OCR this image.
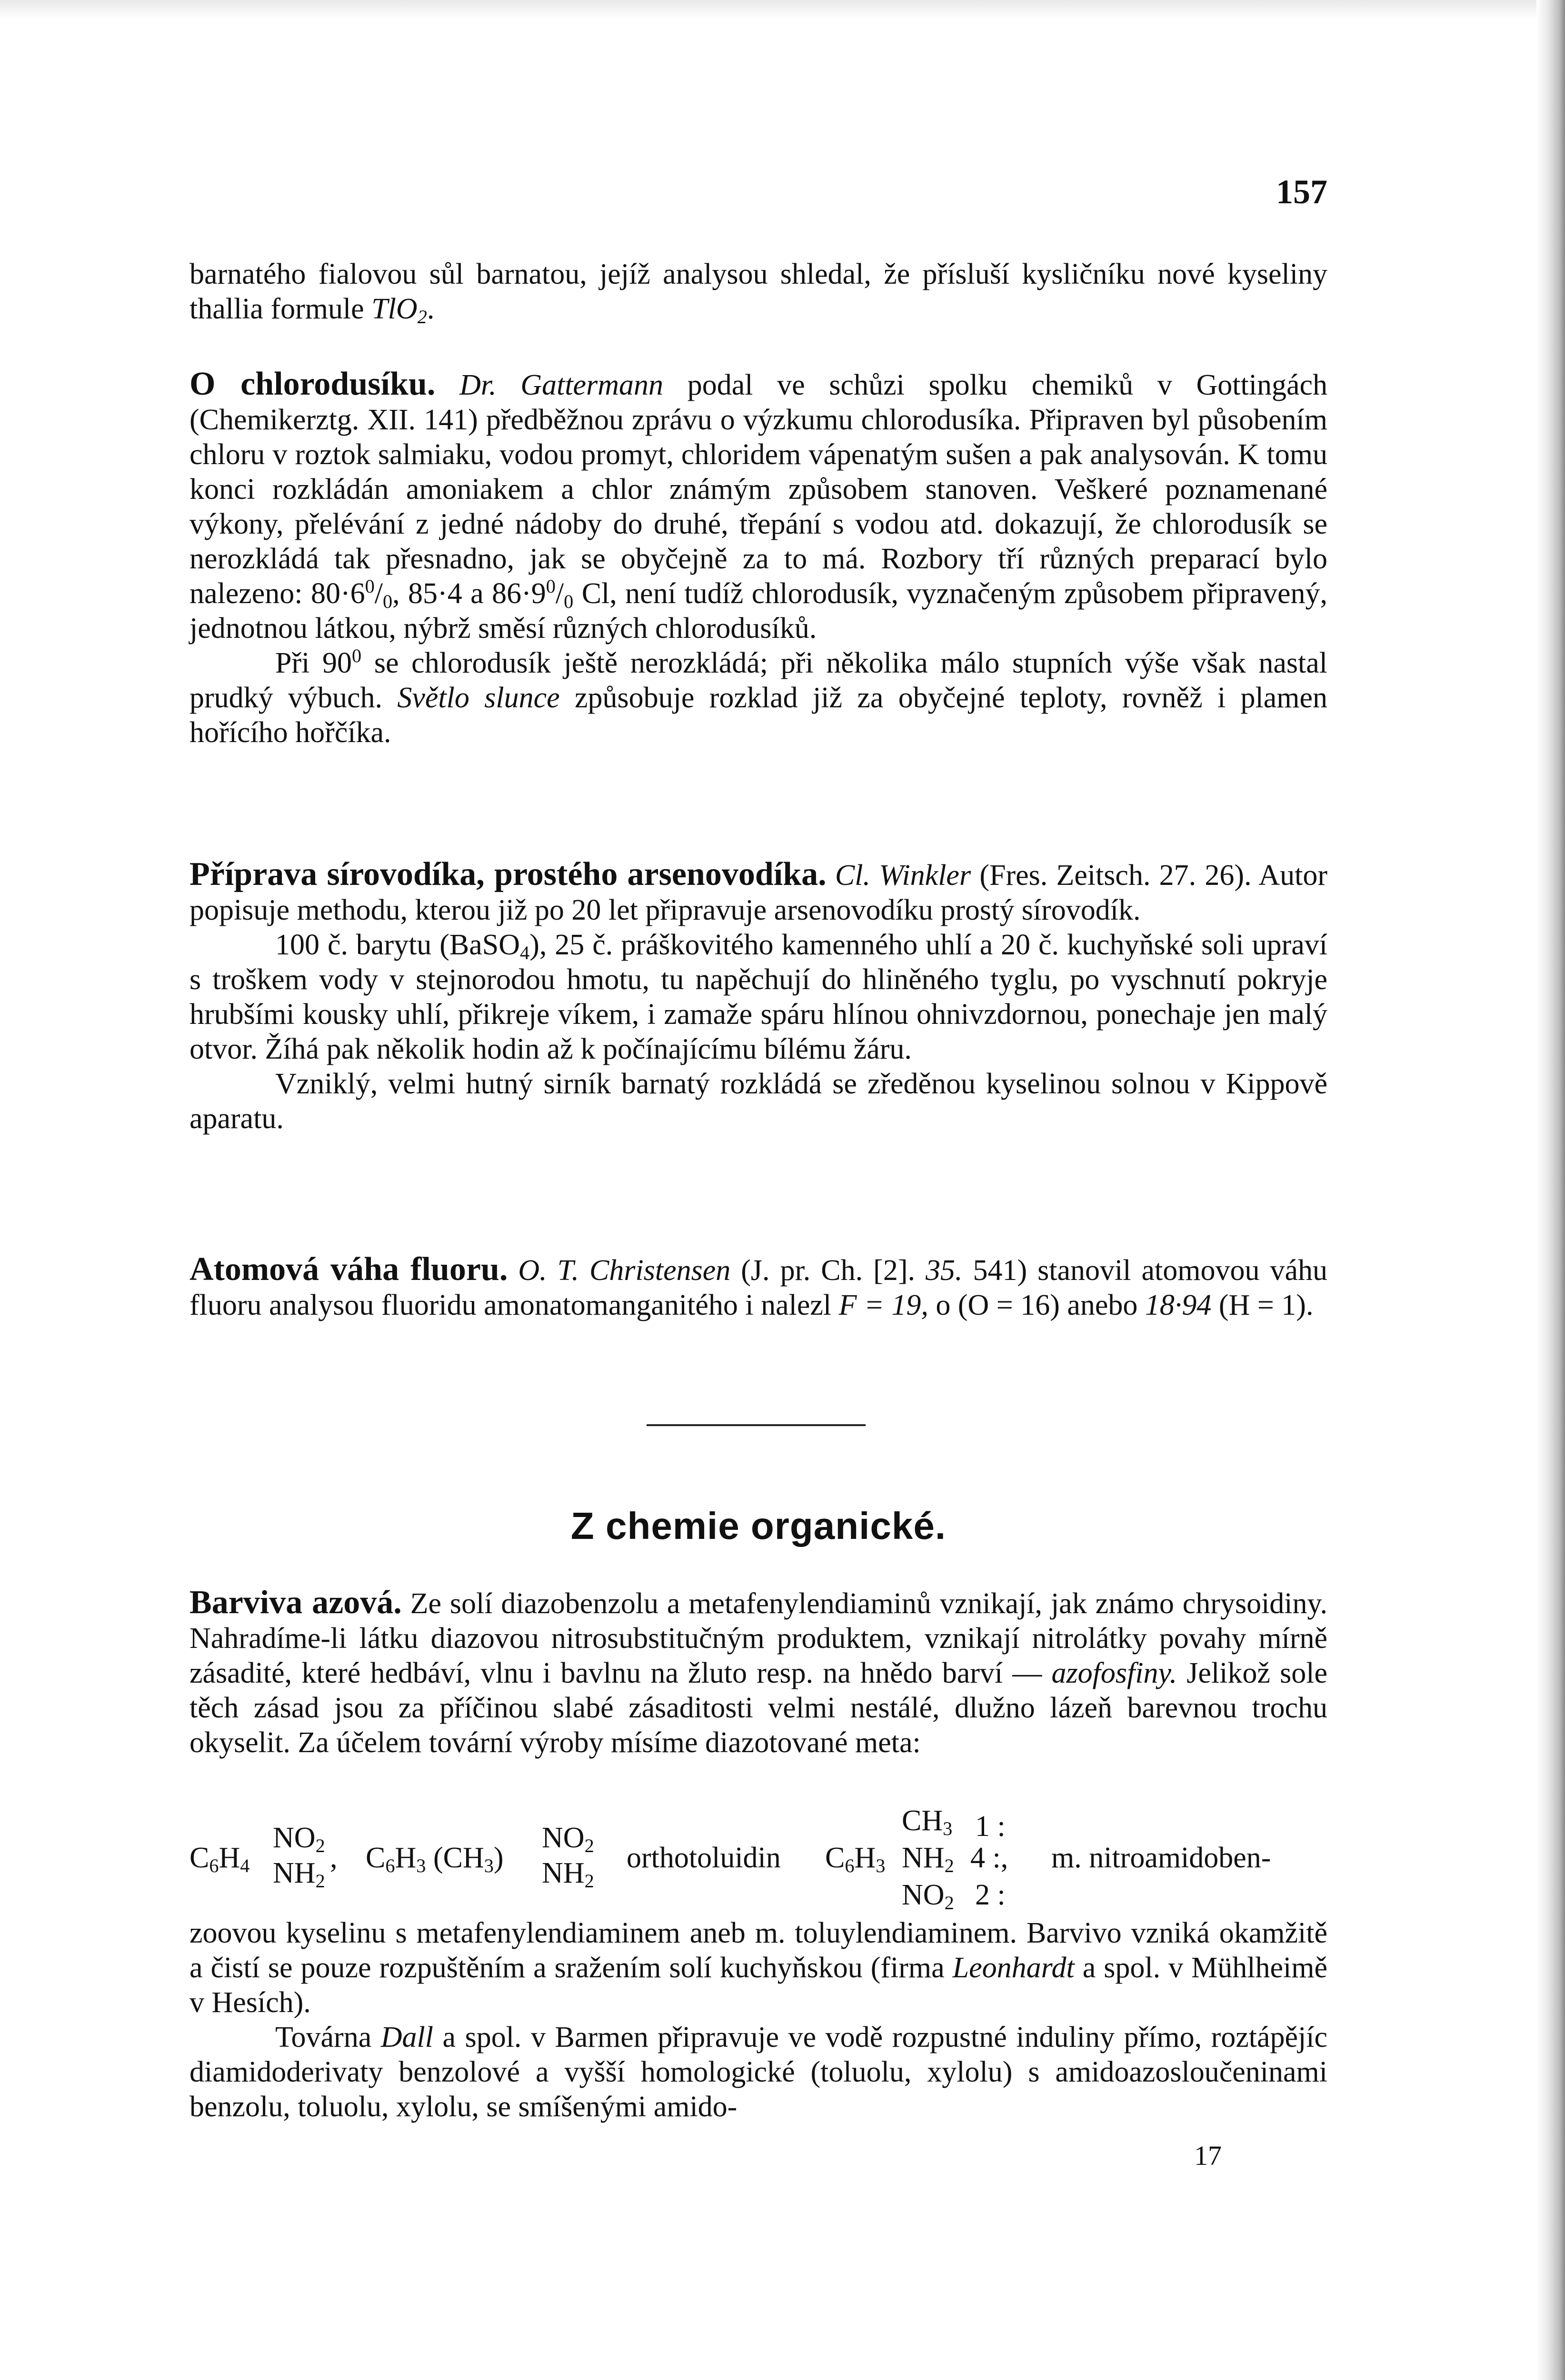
157

barnatého fialovou sůl barnatou, jejíž analysou shledal, že přísluší kysličníku nové kyseliny thallia formule TlO$_2$.

O chlorodusíku. Dr. Gattermann podal ve schůzi spolku chemiků v Gottingách (Chemikerztg. XII. 141) předběžnou zprávu o výzkumu chlorodusíka. Připraven byl působením chloru v roztok salmiaku, vodou promyt, chloridem vápenatým sušen a pak analysován. K tomu konci rozkládán amoniakem a chlor známým způsobem stanoven. Veškeré poznamenané výkony, přelévání z jedné nádoby do druhé, třepání s vodou atd. dokazují, že chlorodusík se nerozkládá tak přesnadno, jak se obyčejně za to má. Rozbory tří různých preparací bylo nalezeno: $80\cdot 6^0/_0$, 85·4 a $86\cdot 9^0/_0$ Cl, není tudíž chlorodusík, vyznačeným způsobem připravený, jednotnou látkou, nýbrž směsí různých chlorodusíků.

Při $90^0$ se chlorodusík ještě nerozkládá; při několika málo stupních výše však nastal prudký výbuch. Světlo slunce způsobuje rozklad již za obyčejné teploty, rovněž i plamen hořícího hořčíka.

Příprava sírovodíka, prostého arsenovodíka. Cl. Winkler (Fres. Zeitsch. 27. 26). Autor popisuje methodu, kterou již po 20 let připravuje arsenovodíku prostý sírovodík.

100 č. barytu (BaSO$_4$), 25 č. práškovitého kamenného uhlí a 20 č. kuchyňské soli upraví s troškem vody v stejnorodou hmotu, tu napěchují do hliněného tyglu, po vyschnutí pokryje hrubšími kousky uhlí, přikreje víkem, i zamaže spáru hlínou ohnivzdornou, ponechaje jen malý otvor. Žíhá pak několik hodin až k počínajícímu bílému žáru.

Vzniklý, velmi hutný sirník barnatý rozkládá se zředěnou kyselinou solnou v Kippově aparatu.

Atomová váha fluoru. O. T. Christensen (J. pr. Ch. [2]. 35. 541) stanovil atomovou váhu fluoru analysou fluoridu amonatomanganitého i nalezl F = 19, o (O = 16) anebo 18·94 (H = 1).

Z chemie organické.

Barviva azová. Ze solí diazobenzolu a metafenylendiaminů vznikají, jak známo chrysoidiny. Nahradíme-li látku diazovou nitrosubstitučným produktem, vznikají nitrolátky povahy mírně zásadité, které hedbáví, vlnu i bavlnu na žluto resp. na hnědo barví — azofosfiny. Jelikož sole těch zásad jsou za příčinou slabé zásaditosti velmi nestálé, dlužno lázeň barevnou trochu okyselit. Za účelem tovární výroby mísíme diazotované meta:

$C_6H_4$
$NO_2$
$NH_2$
, $C_6H_3$ $(CH_3)$
$NO_2$
$NH_2$
orthotoluidin $C_6H_3$
$CH_3$ 1 :
$NH_2$ 4 :,
$NO_2$ 2 :
m. nitroamidoben-

zoovou kyselinu s metafenylendiaminem aneb m. toluylendiaminem. Barvivo vzniká okamžitě a čistí se pouze rozpuštěním a sražením solí kuchyňskou (firma Leonhardt a spol. v Mühlheimě v Hesích).

Továrna Dall a spol. v Barmen připravuje ve vodě rozpustné induliny přímo, roztápějíc diamidoderivaty benzolové a vyšší homologické (toluolu, xylolu) s amidoazosloučeninami benzolu, toluolu, xylolu, se smíšenými amido-

17
